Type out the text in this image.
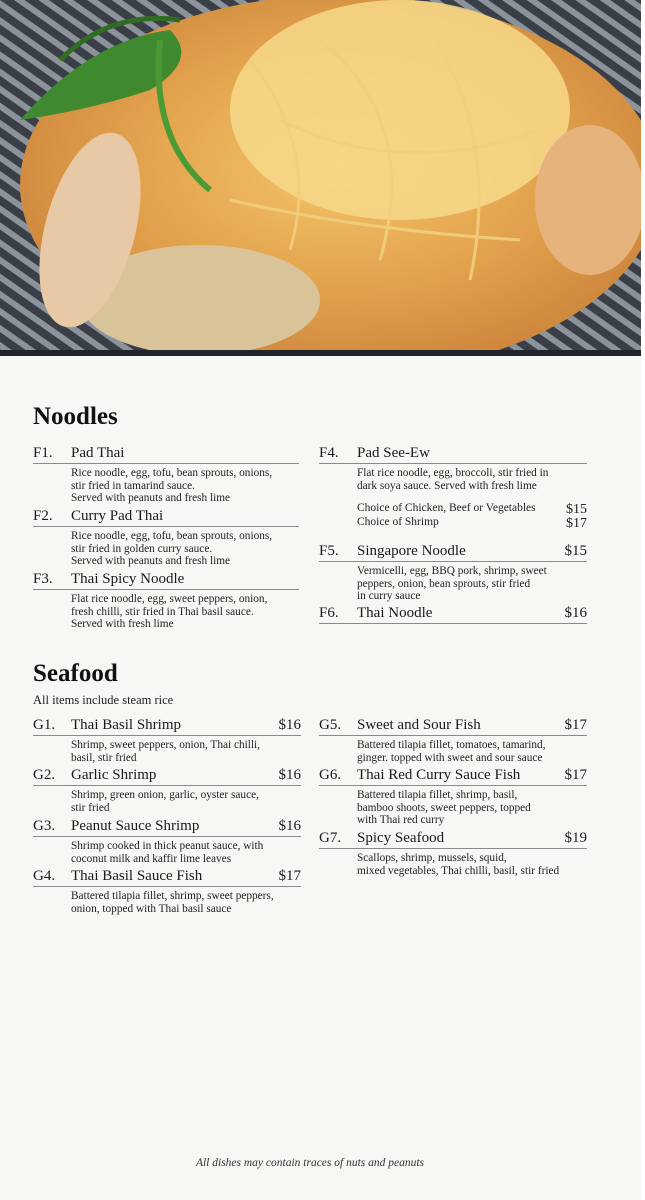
Noodles
F1.	Pad Thai
Rice noodle, egg, tofu, bean sprouts, onions,
stir fried in tamarind sauce.
Served with peanuts and fresh lime
F2.	Curry Pad Thai
Rice noodle, egg, tofu, bean sprouts, onions,
stir fried in golden curry sauce.
Served with peanuts and fresh lime
F3.	Thai Spicy Noodle
Flat rice noodle, egg, sweet peppers, onion,
fresh chilli, stir fried in Thai basil sauce.
Served with fresh lime
F4.	Pad See-Ew
Flat rice noodle, egg, broccoli, stir fried in
dark soya sauce. Served with fresh lime
Choice of Chicken, Beef or Vegetables	$15
Choice of Shrimp	$17
F5.	Singapore Noodle	$15
Vermicelli, egg, BBQ pork, shrimp, sweet
peppers, onion, bean sprouts, stir fried
in curry sauce
F6.	Thai Noodle	$16
Seafood
All items include steam rice
G1.	Thai Basil Shrimp	$16
Shrimp, sweet peppers, onion, Thai chilli,
basil, stir fried
G2.	Garlic Shrimp	$16
Shrimp, green onion, garlic, oyster sauce,
stir fried
G3.	Peanut Sauce Shrimp	$16
Shrimp cooked in thick peanut sauce, with
coconut milk and kaffir lime leaves
G4.	Thai Basil Sauce Fish	$17
Battered tilapia fillet, shrimp, sweet peppers,
onion, topped with Thai basil sauce
G5.	Sweet and Sour Fish	$17
Battered tilapia fillet, tomatoes, tamarind,
ginger. topped with sweet and sour sauce
G6.	Thai Red Curry Sauce Fish	$17
Battered tilapia fillet, shrimp, basil,
bamboo shoots, sweet peppers, topped
with Thai red curry
G7.	Spicy Seafood	$19
Scallops, shrimp, mussels, squid,
mixed vegetables, Thai chilli, basil, stir fried
All dishes may contain traces of nuts and peanuts
